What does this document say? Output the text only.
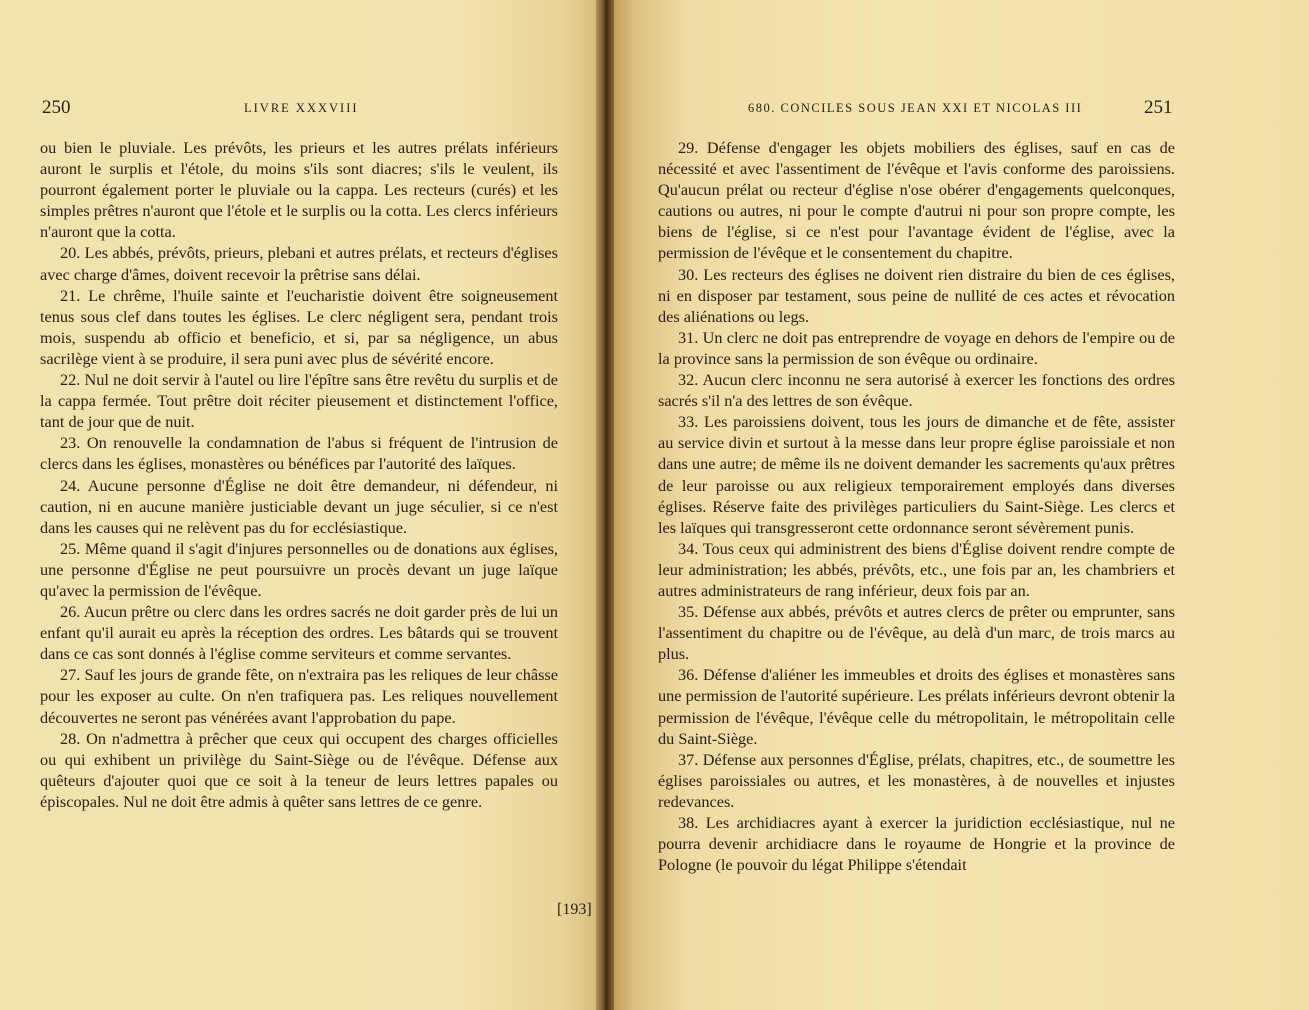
250	LIVRE XXXVIII

ou bien le pluviale. Les prévôts, les prieurs et les autres prélats inférieurs auront le surplis et l'étole, du moins s'ils sont diacres; s'ils le veulent, ils pourront également porter le pluviale ou la cappa. Les recteurs (curés) et les simples prêtres n'auront que l'étole et le surplis ou la cotta. Les clercs inférieurs n'auront que la cotta.

20. Les abbés, prévôts, prieurs, plebani et autres prélats, et recteurs d'églises avec charge d'âmes, doivent recevoir la prêtrise sans délai.

21. Le chrême, l'huile sainte et l'eucharistie doivent être soigneusement tenus sous clef dans toutes les églises. Le clerc négligent sera, pendant trois mois, suspendu ab officio et beneficio, et si, par sa négligence, un abus sacrilège vient à se produire, il sera puni avec plus de sévérité encore.

22. Nul ne doit servir à l'autel ou lire l'épître sans être revêtu du surplis et de la cappa fermée. Tout prêtre doit réciter pieusement et distinctement l'office, tant de jour que de nuit.

23. On renouvelle la condamnation de l'abus si fréquent de l'intrusion de clercs dans les églises, monastères ou bénéfices par l'autorité des laïques.

24. Aucune personne d'Église ne doit être demandeur, ni défendeur, ni caution, ni en aucune manière justiciable devant un juge séculier, si ce n'est dans les causes qui ne relèvent pas du for ecclésiastique.

25. Même quand il s'agit d'injures personnelles ou de donations aux églises, une personne d'Église ne peut poursuivre un procès devant un juge laïque qu'avec la permission de l'évêque.

26. Aucun prêtre ou clerc dans les ordres sacrés ne doit garder près de lui un enfant qu'il aurait eu après la réception des ordres. Les bâtards qui se trouvent dans ce cas sont donnés à l'église comme serviteurs et comme servantes.

27. Sauf les jours de grande fête, on n'extraira pas les reliques de leur châsse pour les exposer au culte. On n'en trafiquera pas. Les reliques nouvellement découvertes ne seront pas vénérées avant l'approbation du pape.

28. On n'admettra à prêcher que ceux qui occupent des charges officielles ou qui exhibent un privilège du Saint-Siège ou de l'évêque. Défense aux quêteurs d'ajouter quoi que ce soit à la teneur de leurs lettres papales ou épiscopales. Nul ne doit être admis à quêter sans lettres de ce genre.

[193]
680. CONCILES SOUS JEAN XXI ET NICOLAS III	251

29. Défense d'engager les objets mobiliers des églises, sauf en cas de nécessité et avec l'assentiment de l'évêque et l'avis conforme des paroissiens. Qu'aucun prélat ou recteur d'église n'ose obérer d'engagements quelconques, cautions ou autres, ni pour le compte d'autrui ni pour son propre compte, les biens de l'église, si ce n'est pour l'avantage évident de l'église, avec la permission de l'évêque et le consentement du chapitre.

30. Les recteurs des églises ne doivent rien distraire du bien de ces églises, ni en disposer par testament, sous peine de nullité de ces actes et révocation des aliénations ou legs.

31. Un clerc ne doit pas entreprendre de voyage en dehors de l'empire ou de la province sans la permission de son évêque ou ordinaire.

32. Aucun clerc inconnu ne sera autorisé à exercer les fonctions des ordres sacrés s'il n'a des lettres de son évêque.

33. Les paroissiens doivent, tous les jours de dimanche et de fête, assister au service divin et surtout à la messe dans leur propre église paroissiale et non dans une autre; de même ils ne doivent demander les sacrements qu'aux prêtres de leur paroisse ou aux religieux temporairement employés dans diverses églises. Réserve faite des privilèges particuliers du Saint-Siège. Les clercs et les laïques qui transgresseront cette ordonnance seront sévèrement punis.

34. Tous ceux qui administrent des biens d'Église doivent rendre compte de leur administration; les abbés, prévôts, etc., une fois par an, les chambriers et autres administrateurs de rang inférieur, deux fois par an.

35. Défense aux abbés, prévôts et autres clercs de prêter ou emprunter, sans l'assentiment du chapitre ou de l'évêque, au delà d'un marc, de trois marcs au plus.

36. Défense d'aliéner les immeubles et droits des églises et monastères sans une permission de l'autorité supérieure. Les prélats inférieurs devront obtenir la permission de l'évêque, l'évêque celle du métropolitain, le métropolitain celle du Saint-Siège.

37. Défense aux personnes d'Église, prélats, chapitres, etc., de soumettre les églises paroissiales ou autres, et les monastères, à de nouvelles et injustes redevances.

38. Les archidiacres ayant à exercer la juridiction ecclésiastique, nul ne pourra devenir archidiacre dans le royaume de Hongrie et la province de Pologne (le pouvoir du légat Philippe s'étendait
